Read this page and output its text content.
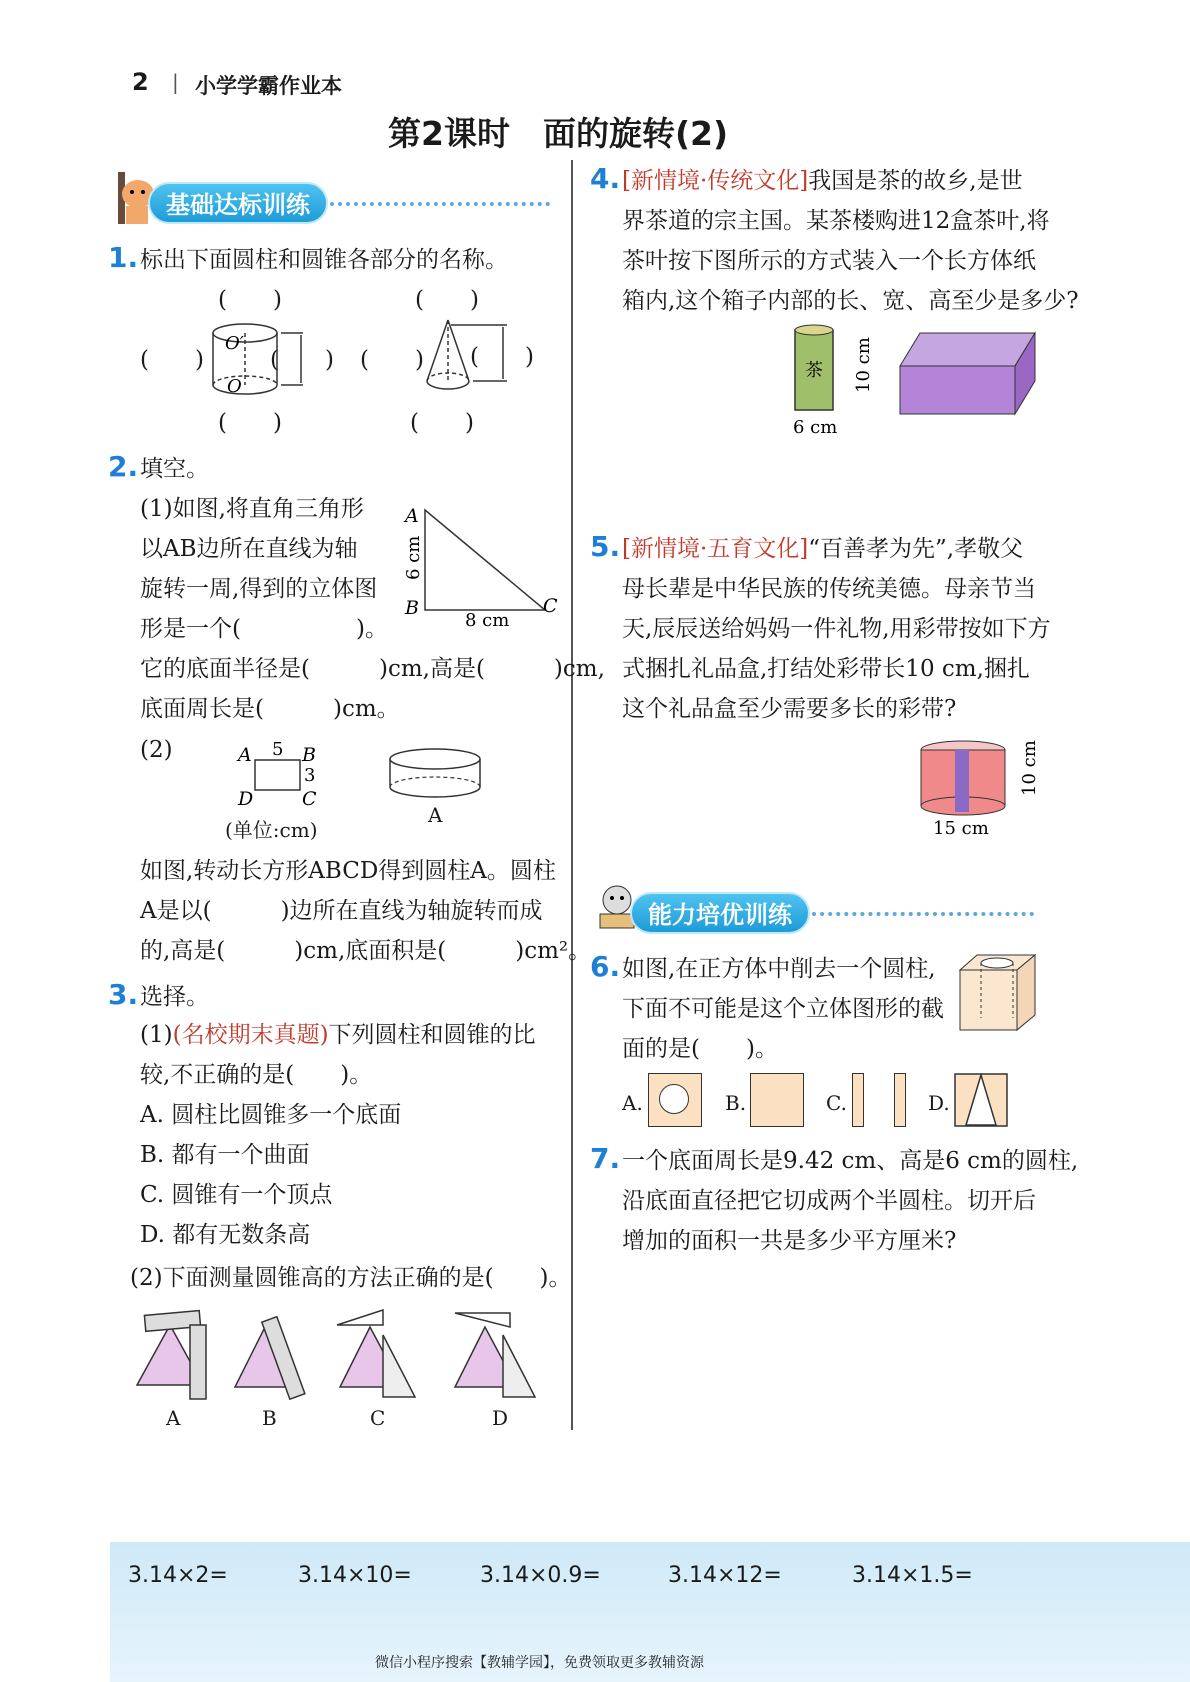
2 | 小学学霸作业本
第2课时　面的旋转(2)
基础达标训练
1. 标出下面圆柱和圆锥各部分的名称。
O′
O
(　　)
(　　)	(　　)
(　　)
(　　)
(　　) (　　)
(　　)
2. 填空。
(1)如图,将直角三角形
以AB边所在直线为轴
旋转一周,得到的立体图
形是一个(　　　　　)。
它的底面半径是(　　　)cm,高是(　　　)cm,
底面周长是(　　　)cm。
A
B	C
8 cm
6 cm
(2)	A	B
D	C
5
3
(单位:cm)
A
如图,转动长方形ABCD得到圆柱A。圆柱
A是以(　　　)边所在直线为轴旋转而成
的,高是(　　　)cm,底面积是(　　　)cm²。
3. 选择。
(1)(名校期末真题)下列圆柱和圆锥的比
较,不正确的是(　　)。
A. 圆柱比圆锥多一个底面
B. 都有一个曲面
C. 圆锥有一个顶点
D. 都有无数条高
(2)下面测量圆锥高的方法正确的是(　　)。
A	B	C	D
4. [新情境·传统文化]我国是茶的故乡,是世
界茶道的宗主国。某茶楼购进12盒茶叶,将
茶叶按下图所示的方式装入一个长方体纸
箱内,这个箱子内部的长、宽、高至少是多少?
茶 10 cm
6 cm
5. [新情境·五育文化]“百善孝为先”,孝敬父
母长辈是中华民族的传统美德。母亲节当
天,辰辰送给妈妈一件礼物,用彩带按如下方
式捆扎礼品盒,打结处彩带长10 cm,捆扎
这个礼品盒至少需要多长的彩带?
10 cm
15 cm
能力培优训练
6. 如图,在正方体中削去一个圆柱,
下面不可能是这个立体图形的截
面的是(　　)。
A.	B.	C.	D.
7. 一个底面周长是9.42 cm、高是6 cm的圆柱,
沿底面直径把它切成两个半圆柱。切开后
增加的面积一共是多少平方厘米?
3.14×2=	3.14×10=	3.14×0.9=	3.14×12=	3.14×1.5=
微信小程序搜索【教辅学园】，免费领取更多教辅资源
